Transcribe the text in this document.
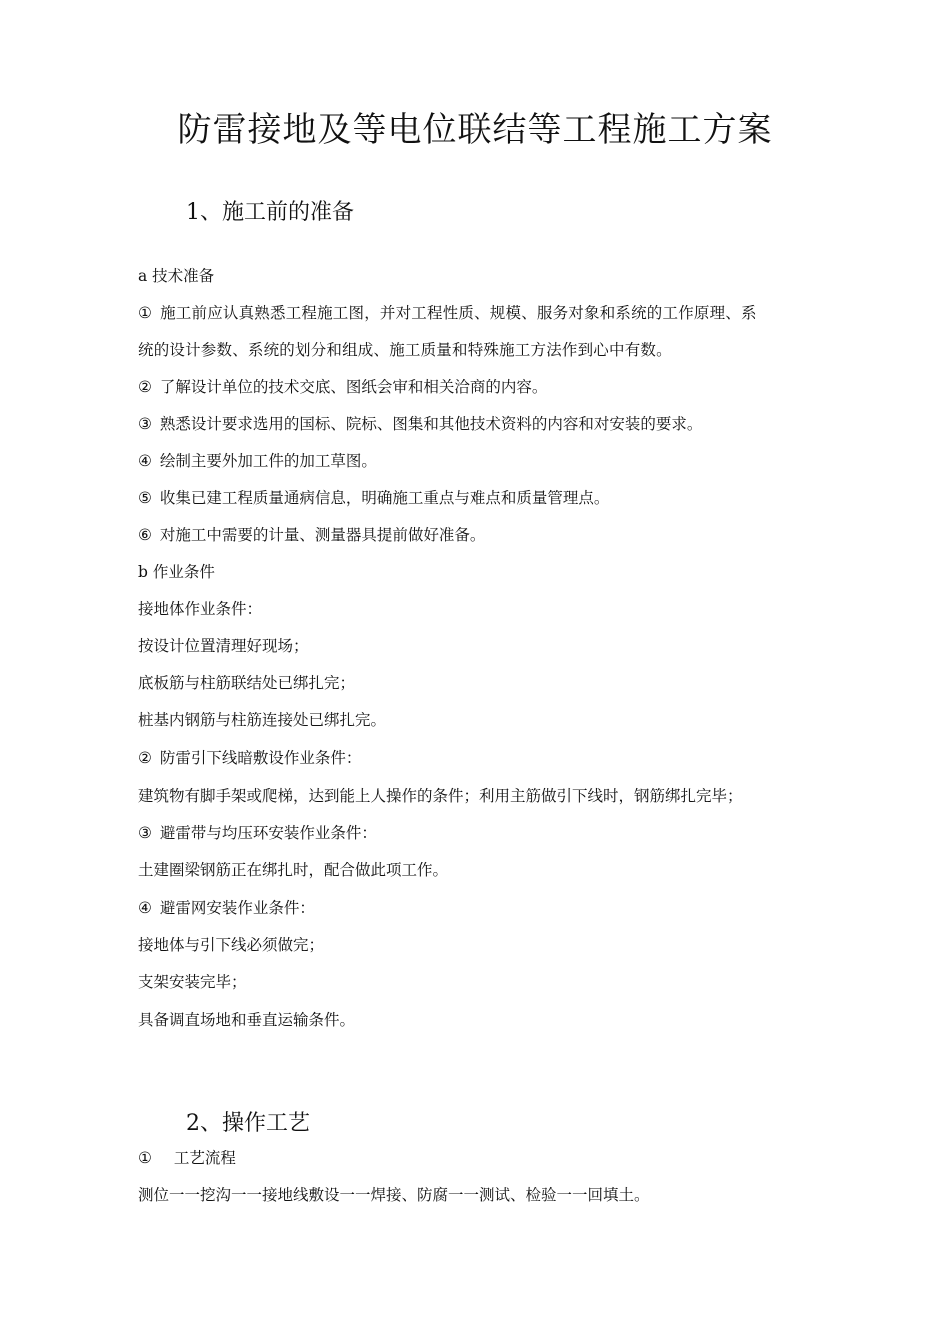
防雷接地及等电位联结等工程施工方案
1、施工前的准备
a 技术准备
① 施工前应认真熟悉工程施工图，并对工程性质、规模、服务对象和系统的工作原理、系
统的设计参数、系统的划分和组成、施工质量和特殊施工方法作到心中有数。
② 了解设计单位的技术交底、图纸会审和相关洽商的内容。
③ 熟悉设计要求选用的国标、院标、图集和其他技术资料的内容和对安装的要求。
④ 绘制主要外加工件的加工草图。
⑤ 收集已建工程质量通病信息，明确施工重点与难点和质量管理点。
⑥ 对施工中需要的计量、测量器具提前做好准备。
b 作业条件
接地体作业条件：
按设计位置清理好现场；
底板筋与柱筋联结处已绑扎完；
桩基内钢筋与柱筋连接处已绑扎完。
② 防雷引下线暗敷设作业条件：
建筑物有脚手架或爬梯，达到能上人操作的条件；利用主筋做引下线时，钢筋绑扎完毕；
③ 避雷带与均压环安装作业条件：
土建圈梁钢筋正在绑扎时，配合做此项工作。
④ 避雷网安装作业条件：
接地体与引下线必须做完；
支架安装完毕；
具备调直场地和垂直运输条件。
2、操作工艺
① 工艺流程
测位一一挖沟一一接地线敷设一一焊接、防腐一一测试、检验一一回填土。
